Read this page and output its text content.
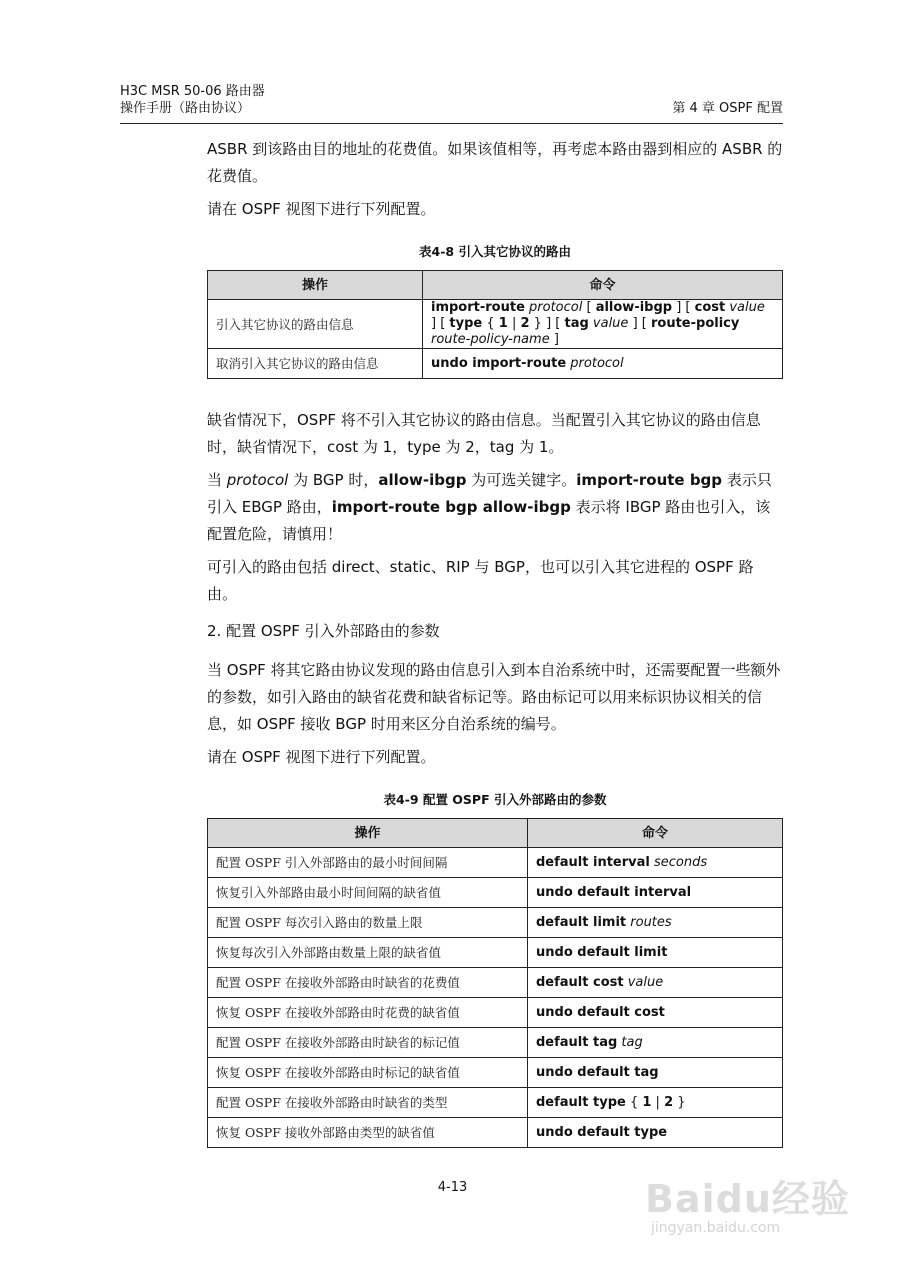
H3C MSR 50-06 路由器
操作手册（路由协议）	第 4 章 OSPF 配置

ASBR 到该路由目的地址的花费值。如果该值相等，再考虑本路由器到相应的 ASBR 的花费值。

请在 OSPF 视图下进行下列配置。

表4-8 引入其它协议的路由
操作	命令
引入其它协议的路由信息	import-route protocol [ allow-ibgp ] [ cost value ] [ type { 1 | 2 } ] [ tag value ] [ route-policy route-policy-name ]
取消引入其它协议的路由信息	undo import-route protocol

缺省情况下，OSPF 将不引入其它协议的路由信息。当配置引入其它协议的路由信息时，缺省情况下，cost 为 1，type 为 2，tag 为 1。

当 protocol 为 BGP 时，allow-ibgp 为可选关键字。import-route bgp 表示只引入 EBGP 路由，import-route bgp allow-ibgp 表示将 IBGP 路由也引入，该配置危险，请慎用！

可引入的路由包括 direct、static、RIP 与 BGP，也可以引入其它进程的 OSPF 路由。

2. 配置 OSPF 引入外部路由的参数

当 OSPF 将其它路由协议发现的路由信息引入到本自治系统中时，还需要配置一些额外的参数，如引入路由的缺省花费和缺省标记等。路由标记可以用来标识协议相关的信息，如 OSPF 接收 BGP 时用来区分自治系统的编号。

请在 OSPF 视图下进行下列配置。

表4-9 配置 OSPF 引入外部路由的参数
操作	命令
配置 OSPF 引入外部路由的最小时间间隔	default interval seconds
恢复引入外部路由最小时间间隔的缺省值	undo default interval
配置 OSPF 每次引入路由的数量上限	default limit routes
恢复每次引入外部路由数量上限的缺省值	undo default limit
配置 OSPF 在接收外部路由时缺省的花费值	default cost value
恢复 OSPF 在接收外部路由时花费的缺省值	undo default cost
配置 OSPF 在接收外部路由时缺省的标记值	default tag tag
恢复 OSPF 在接收外部路由时标记的缺省值	undo default tag
配置 OSPF 在接收外部路由时缺省的类型	default type { 1 | 2 }
恢复 OSPF 接收外部路由类型的缺省值	undo default type
4-13	Baidu经验
jingyan.baidu.com
